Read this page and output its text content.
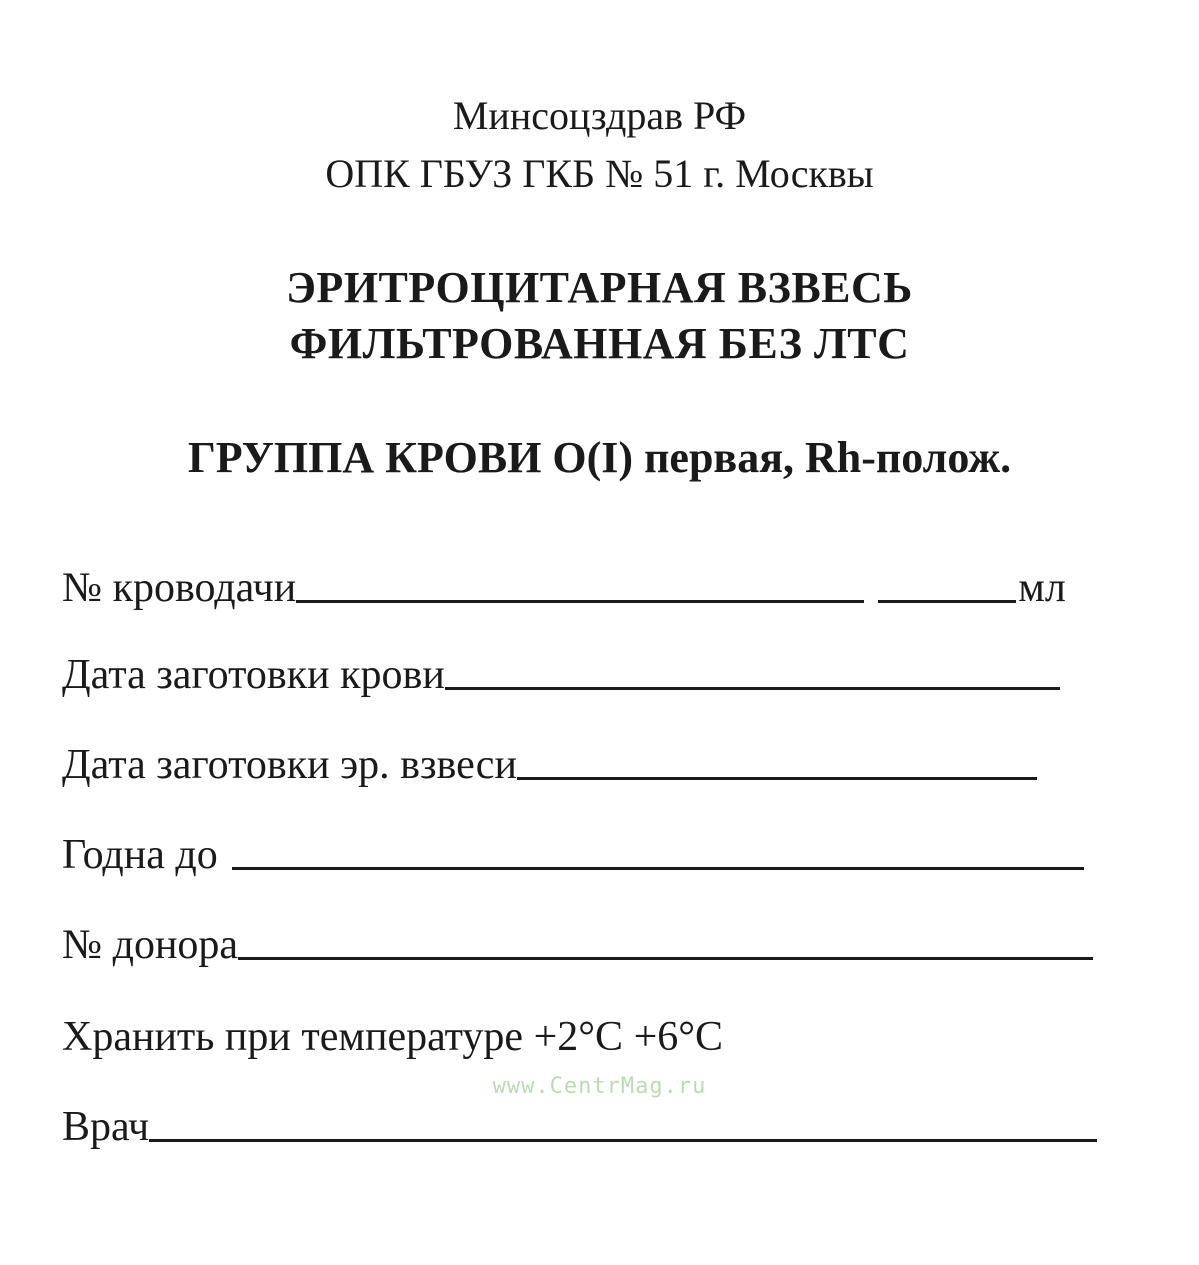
Минсоцздрав РФ
ОПК ГБУЗ ГКБ № 51 г. Москвы
ЭРИТРОЦИТАРНАЯ ВЗВЕСЬ
ФИЛЬТРОВАННАЯ БЕЗ ЛТС
ГРУППА КРОВИ O(I) первая, Rh-полож.
№ кроводачи	мл
Дата заготовки крови
Дата заготовки эр. взвеси
Годна до
№ донора
Хранить при температуре +2°C +6°C
www.CentrMag.ru
Врач
